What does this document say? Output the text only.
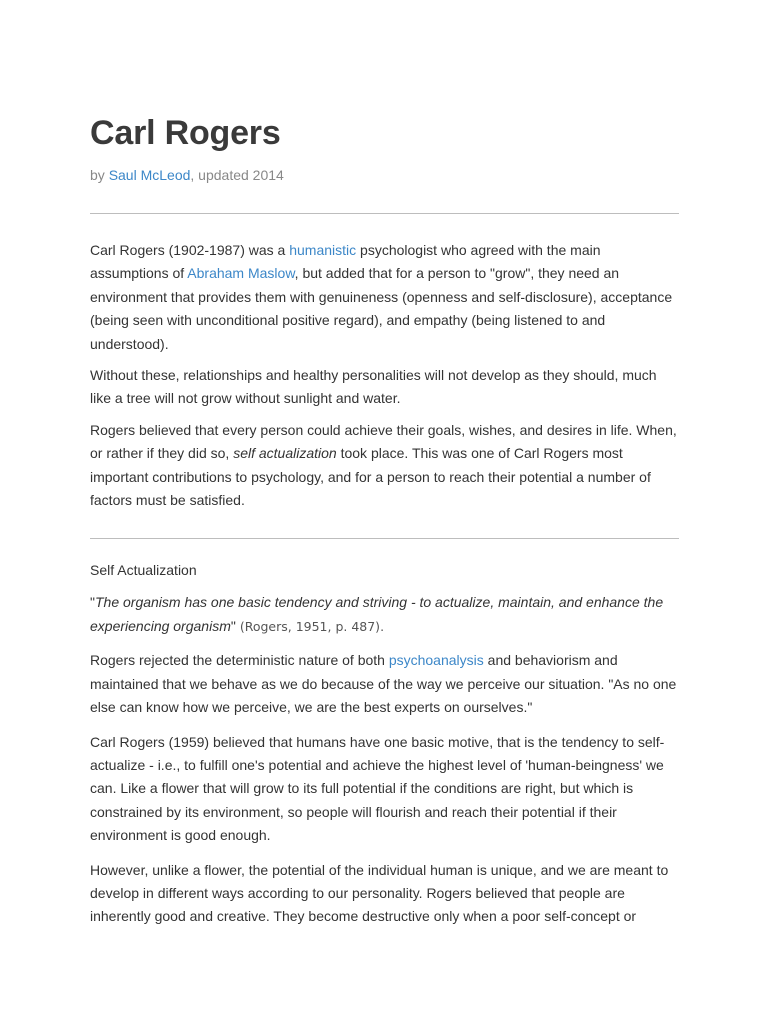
Carl Rogers
by Saul McLeod, updated 2014

Carl Rogers (1902-1987) was a humanistic psychologist who agreed with the main assumptions of Abraham Maslow, but added that for a person to "grow", they need an environment that provides them with genuineness (openness and self-disclosure), acceptance (being seen with unconditional positive regard), and empathy (being listened to and understood).

Without these, relationships and healthy personalities will not develop as they should, much like a tree will not grow without sunlight and water.

Rogers believed that every person could achieve their goals, wishes, and desires in life. When, or rather if they did so, self actualization took place. This was one of Carl Rogers most important contributions to psychology, and for a person to reach their potential a number of factors must be satisfied.

Self Actualization

"The organism has one basic tendency and striving - to actualize, maintain, and enhance the experiencing organism" (Rogers, 1951, p. 487).

Rogers rejected the deterministic nature of both psychoanalysis and behaviorism and maintained that we behave as we do because of the way we perceive our situation. "As no one else can know how we perceive, we are the best experts on ourselves."

Carl Rogers (1959) believed that humans have one basic motive, that is the tendency to self-actualize - i.e., to fulfill one's potential and achieve the highest level of 'human-beingness' we can. Like a flower that will grow to its full potential if the conditions are right, but which is constrained by its environment, so people will flourish and reach their potential if their environment is good enough.

However, unlike a flower, the potential of the individual human is unique, and we are meant to develop in different ways according to our personality. Rogers believed that people are inherently good and creative. They become destructive only when a poor self-concept or
